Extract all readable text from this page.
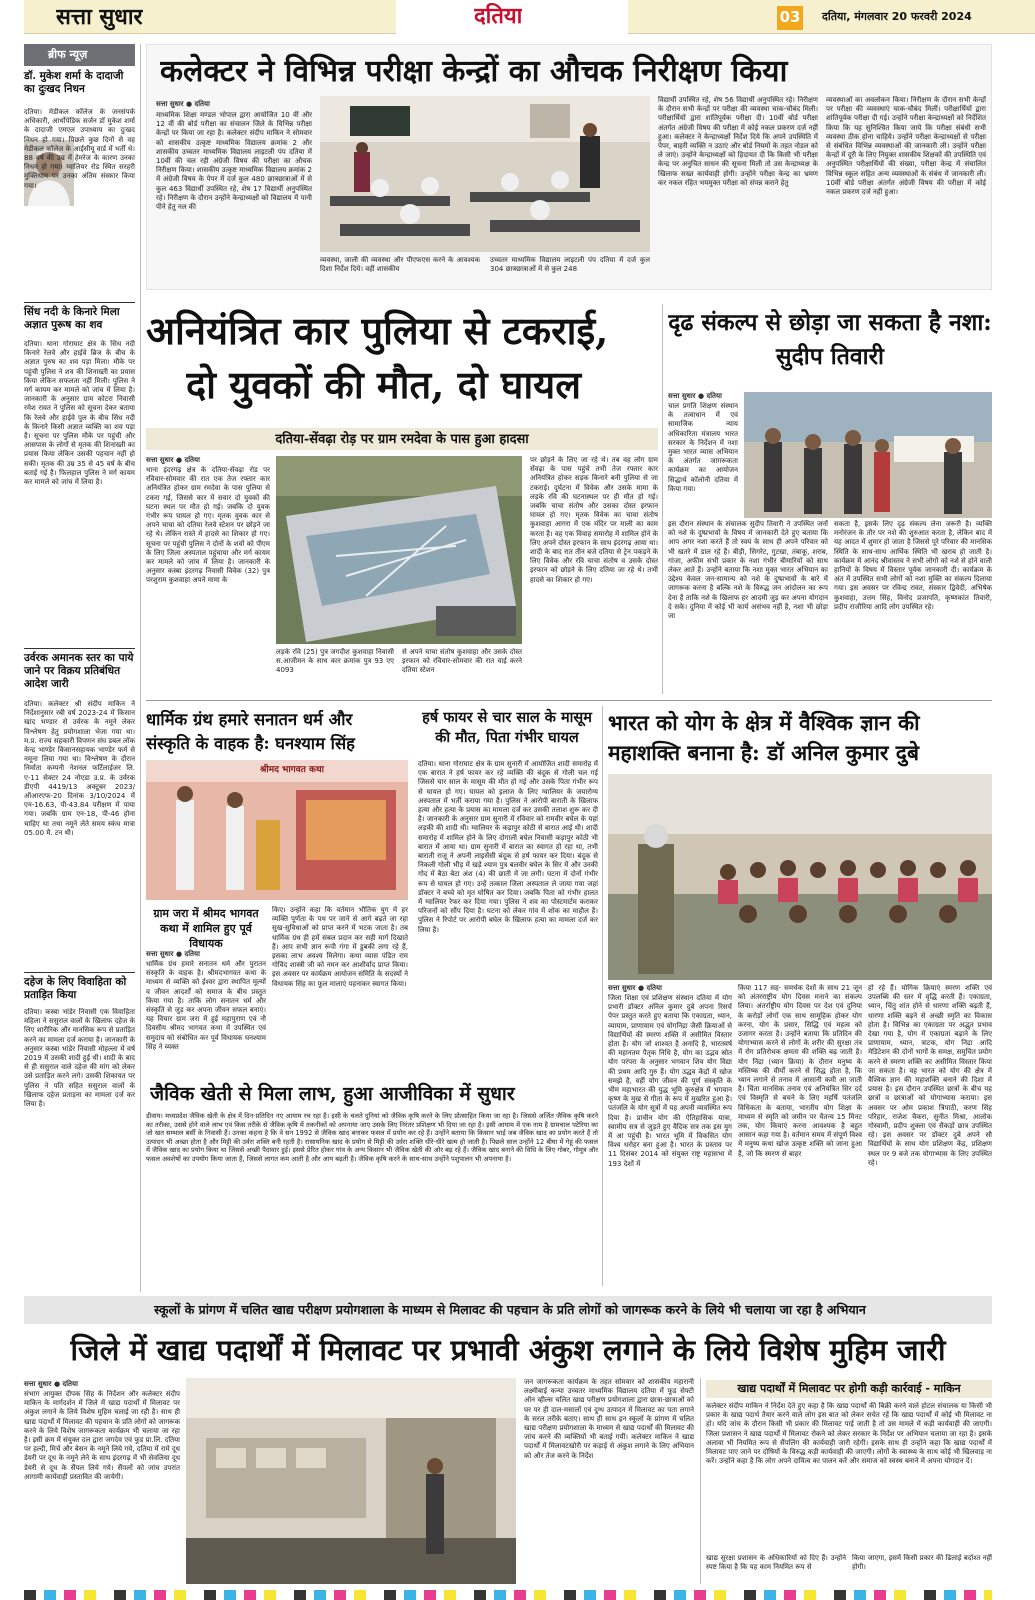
सत्ता सुधार	दतिया	03 दतिया, मंगलवार 20 फरवरी 2024
ब्रीफ न्यूज़
डॉ. मुकेश शर्मा के दादाजी का दुःखद निधन
दतिया। मेडीकल कॉलेज के जनसंपर्क अधिकारी, आर्थोपेडिक सर्जन डॉ मुकेश शर्मा के दादाजी एमएल उपाध्याय का दुःखद निधन हो गया। पिछले कुछ दिनों से वह मेडीकल कॉलेज के आईसीयू वार्ड में भर्ती थे। 88 वर्ष की उम्र में हेमरेज के कारण उनका निधन हो गया। ग्वालियर रोड स्थित सरहरी मुक्तिधाम पर उनका अंतिम संस्कार किया गया।
सिंध नदी के किनारे मिला अज्ञात पुरूष का शव
दतिया। थाना गोराघाट क्षेत्र के सिंध नदी किनारे रेलवे और हाईवे ब्रिज के बीच के अज्ञात पुरुष का शव पड़ा मिला। मौके पर पहुंची पुलिस ने शव की शिनाख्ती का प्रयास किया लेकिन सफलता नहीं मिली। पुलिस ने मर्ग कायम कर मामले को जांच में लिया है। जानकारी के अनुसार ग्राम कोटरा निवासी रमेश रावत ने पुलिस को सूचना देकर बताया कि रेलवे और हाईवे पुल के बीच सिंध नदी के किनारे किसी अज्ञात व्यक्ति का शव पड़ा है। सूचना पर पुलिस मौके पर पहुंची और आसपास के लोगों से मृतक की शिनाख्ती का प्रयास किया लेकिन उसकी पहचान नहीं हो सकी। मृतक की उम्र 35 से 45 वर्ष के बीच बताई गई है। फिलहाल पुलिस ने मर्ग कायम कर मामले को जांच में लिया है।
उर्वरक अमानक स्तर का पाये जाने पर विक्रय प्रतिबंधित आदेश जारी
दतिया। कलेक्टर श्री संदीप माकिन ने निर्देशानुसार रबी वर्ष 2023-24 में किसान खाद भण्डार से उर्वरक के नमूने लेकर विश्लेषण हेतु प्रयोगशाला भेजा गया था। म.प्र. राज्य सहकारी विपणन संघ डबल लॉक केन्द्र भाण्डेर किसानसहायक भाण्डेर फर्म से नमूना लिया गया था। विश्लेषण के दौरान निर्माता कम्पनी नेशनल फर्टिलाईजर लि. ए-11 सेक्टर 24 नोएडा उ.प्र. के उर्वरक डीएपी 4419/13 अक्टूबर 2023/ऑआरएफ-20 दिनांक 3/10/2024 में एन-16.63, पी-43.84 परीक्षण में पाया गया। जबकि ग्राम एन-18, पी-46 होना चाहिए था तथा नमूने लेते समय स्कंध मात्रा 05.00 मै. टन थी।
दहेज के लिए विवाहिता को प्रताड़ित किया
दतिया। कस्बा भांडेर निवासी एक विवाहिता महिला ने ससुराल वालों के खिलाफ दहेज के लिए शारीरिक और मानसिक रूप से प्रताड़ित करने का मामला दर्ज कराया है। जानकारी के अनुसार कस्बा भांडेर निवासी मोहल्ला में वर्ष 2019 में उसकी शादी हुई थी। शादी के बाद से ही ससुराल वाले दहेज की मांग को लेकर उसे प्रताड़ित करने लगे। उसकी शिकायत पर पुलिस ने पति सहित ससुराल वालों के खिलाफ दहेज प्रताड़ना का मामला दर्ज कर लिया है।
कलेक्टर ने विभिन्न परीक्षा केन्द्रों का औचक निरीक्षण किया
सत्ता सुधार ● दतिया
माध्यमिक शिक्षा मण्डल भोपाल द्वारा आयोजित 10 वीं और 12 वीं की बोर्ड परीक्षा का संचालन जिले के विभिन्न परीक्षा केन्द्रों पर किया जा रहा है। कलेक्टर संदीप माकिन ने सोमवार को शासकीय उत्कृष्ट माध्यमिक विद्यालय क्रमांक 2 और शासकीय उच्चतर माध्यमिक विद्यालय लाइटली पंप दतिया में 10वीं की चल रही अंग्रेजी विषय की परीक्षा का औचक निरीक्षण किया। शासकीय उत्कृष्ट माध्यमिक विद्यालय क्रमांक 2 में अंग्रेजी विषय के पेपर में दर्ज कुल 480 छात्रछात्राओं में से कुल 463 विद्यार्थी उपस्थित रहे, शेष 17 विद्यार्थी अनुपस्थित रहे। निरीक्षण के दौरान उन्होंने केन्द्राध्यक्षों को विद्यालय में पानी पीने हेतु नल की
व्यवस्था, जाली की व्यवस्था और पीएफएस करने के आवश्यक दिशा निर्देश दिये। वहीं शासकीय
उच्चतर माध्यमिक विद्यालय लाइटली पंप दतिया में दर्ज कुल 304 छात्रछात्राओं में से कुल 248
विद्यार्थी उपस्थित रहे, शेष 56 विद्यार्थी अनुपस्थित रहे। निरीक्षण के दौरान सभी केन्द्रों पर परीक्षा की व्यवस्था चाक-चौबंद मिली। परीक्षार्थियों द्वारा शांतिपूर्वक परीक्षा दी। 10वीं बोर्ड परीक्षा अंतर्गत अंग्रेजी विषय की परीक्षा में कोई नकल प्रकरण दर्ज नहीं हुआ। कलेक्टर ने केन्द्राध्यक्षों निर्देश दिये कि अपने उपस्थिति में पेपर, बाहरी व्यक्ति न उठाएं और बोर्ड नियमों के तहत नोडल को ले जाएं। उन्होंने केन्द्राध्यक्षों को हिदायत दी कि किसी भी परीक्षा केन्द्र पर अनुचित साधन की सूचना मिली तो उस केन्द्राध्यक्ष के खिलाफ सख्त कार्यवाही होगी। उन्होंने परीक्षा केन्द्र का भ्रमण कर नकल रहित भयमुक्त परीक्षा को संपन्न कराने हेतु
व्यवस्थाओं का अवलोकन किया। निरीक्षण के दौरान सभी केन्द्रों पर परीक्षा की व्यवस्थाएं चाक-चौबंद मिलीं। परीक्षार्थियों द्वारा शांतिपूर्वक परीक्षा दी गई। उन्होंने परीक्षा केन्द्राध्यक्षों को निर्देशित किया कि यह सुनिश्चित किया जाये कि परीक्षा संबंधी सभी व्यवस्था ठीक होना चाहिये। उन्होंने परीक्षा केन्द्राध्यक्षों से परीक्षा से संबंधित विभिन्न व्यवस्थाओं की जानकारी ली। उन्होंने परीक्षा केन्द्रों में दूरी के लिए नियुक्त शासकीय शिक्षकों की उपस्थिति एवं अनुपस्थित परीक्षार्थियों की संख्या, परीक्षा केन्द्र में संचालित विभिन्न स्कूल सहित अन्य व्यवस्थाओं के संबंध में जानकारी ली। 10वीं बोर्ड परीक्षा अंतर्गत अंग्रेजी विषय की परीक्षा में कोई नकल प्रकरण दर्ज नहीं हुआ।
अनियंत्रित कार पुलिया से टकराई,
दो युवकों की मौत, दो घायल
दतिया-सेंवढ़ा रोड़ पर ग्राम रमदेवा के पास हुआ हादसा
सत्ता सुधार ● दतिया
थाना इंदरगढ़ क्षेत्र के दतिया-सेंवढ़ा रोड पर रविवार-सोमवार की रात एक तेज रफ्तार कार अनियंत्रित होकर ग्राम रमदेवा के पास पुलिया से टकरा गई, जिससे कार में सवार दो युवकों की घटना स्थल पर मौत हो गई। जबकि दो युवक गंभीर रूप घायल हो गए। मृतक युवक कार से अपने चाचा को दतिया रेलवे स्टेशन पर छोड़ने जा रहे थे। लेकिन रास्ते में हादसे का शिकार हो गए। सूचना पर पहुंची पुलिस ने दोनों के शवों को पीएम के लिए जिला अस्पताल पहुंचाया और मर्ग कायम कर मामले को जांच में लिया है। जानकारी के अनुसार कस्बा इंदरगढ़ निवासी विवेक (32) पुत्र परशुराम कुशवाहा अपने मामा के
लड़के रवि (25) पुत्र जगदीश कुशवाहा निवासी स.आजीमन के साथ कार क्रमांक पुत्र 93 एए 4093
से अपने चाचा संतोष कुशवाहा और उसके दोस्त इरफान को रविवार-सोमवार की रात वाई करने दतिया स्टेशन
पर छोड़ने के लिए जा रहे थे। तब वह लोग ग्राम सेंवढ़ा के पास पहुंचे तभी तेज रफ्तार कार अनियंत्रित होकर सड़क किनारे बनी पुलिया से जा टकराई। दुर्घटना में विवेक और उसके मामा के लड़के रवि की घटनास्थल पर ही मौत हो गई। जबकि चाचा संतोष और उसका दोस्त इरफान घायल हो गए। मृतक विवेक का चाचा संतोष कुशवाहा आगरा में एक मंदिर पर माली का काम करता है। वह एक विवाह समारोह में शामिल होने के लिए अपने दोस्त इरफान के साथ इंदरगढ़ आया था। शादी के बाद रात तीन बजे दतिया से ट्रेन पकड़ने के लिए विवेक और रवि चाचा संतोष व उसके दोस्त इरफान को छोड़ने के लिए दतिया जा रहे थे। तभी हादसे का शिकार हो गए।
दृढ संकल्प से छोड़ा जा सकता है नशा: सुदीप तिवारी
सत्ता सुधार ● दतिया
चाल प्रगति शिक्षण संस्थान के तत्वाधान में एवं सामाजिक न्याय अधिकारिता मंत्रालय भारत सरकार के निर्देशन में नशा मुक्त भारत व्यास अभियान के अंतर्गत जागरूकता कार्यक्रम का आयोजन सिद्धार्थ कॉलोनी दतिया में किया गया।
इस दौरान संस्थान के संचालक सुदीप तिवारी ने उपस्थित जनों को नशे के दुष्प्रभावों के विषय में जानकारी देते हुए बताया कि आप अगर नशा करते हैं तो स्वयं के साथ ही अपने परिवार को भी खतरे में डाल रहे हैं। बीड़ी, सिगरेट, गुटखा, तंबाकू, शराब, गांजा, अफीम सभी प्रकार के नशा गंभीर बीमारियों को साथ लेकर आते हैं। उन्होंने बताया कि नशा मुक्त भारत अभियान का उद्देश्य केवल जन-सामान्य को नशे के दुष्प्रभावों के बारे में जागरूक करना है बल्कि नशे के विरुद्ध जन आंदोलन का रूप देना है ताकि नशे के खिलाफ हर आदमी जुड़ कर अपना योगदान दे सके। दुनिया में कोई भी कार्य असंभव नहीं है, नशा भी छोड़ा जा
सकता है, इसके लिए दृढ़ संकल्प लेना जरूरी है। व्यक्ति मनोरंजन के तौर पर नशे की शुरुआत करता है, लेकिन बाद में यह आदत में शुमार हो जाता है जिससे पूरे परिवार की मानसिक स्थिति के साथ-साथ आर्थिक स्थिति भी खराब हो जाती है। कार्यक्रम में आनंद श्रीवास्तव ने सभी लोगों को नशे से होने वाली हानियों के विषय में विस्तार पूर्वक जानकारी दी। कार्यक्रम के अंत में उपस्थित सभी लोगों को नशा मुक्ति का संकल्प दिलाया गया। इस अवसर पर रविन्द्र रावत, संस्कार द्विवेदी, अभिषेक कुशवाहा, उत्तम सिंह, विनोद प्रजापति, कृष्णकांत तिवारी, प्रदीप राजौरिया आदि लोग उपस्थित रहे।
धार्मिक ग्रंथ हमारे सनातन धर्म और संस्कृति के वाहक है: घनश्याम सिंह
श्रीमद भागवत कथा
ग्राम जरा में श्रीमद भागवत कथा में शामिल हुए पूर्व विधायक
सत्ता सुधार ● दतिया
धार्मिक ग्रंथ हमारे सनातन धर्म और पुरातन संस्कृति के वाहक है। श्रीमदभागवत कथा के माध्यम से व्यक्ति को ईश्वर द्वारा स्थापित मूल्यों व जीवन आदर्शों को समाज के बीच प्रस्तुत किया गया है। ताकि लोग सनातन धर्म और संस्कृति से जुड़ कर अपना जीवन सफल बनाएं। यह विचार ग्राम जरा में हुई महापुराण एवं नौ दिवसीय श्रीमद भागवत कथा में उपस्थित एवं समुदाय को संबोधित कर पूर्व विधायक घनश्याम सिंह ने व्यक्त
किए। उन्होंने कहा कि वर्तमान भौतिक युग में हर व्यक्ति पूर्णता के पथ पर जाने से आगे बढ़ते जा रहा सुख-सुविधाओं को प्राप्त करने में भटक जाता है। तब धार्मिक ग्रंथ ही हमें संबल प्रदान कर सही मार्ग दिखाते हैं। आप सभी ज्ञान रूपी गंगा में डुबकी लगा रहे हैं, इसका लाभ अवश्य मिलेगा। कथा व्यास पंडित राम गोविंद शास्त्री जी को नमन कर आशीर्वाद प्राप्त किया। इस अवसर पर कार्यक्रम आयोजन समिति के सदस्यों ने विधायक सिंह का फूल मालाएं पहनाकर स्वागत किया।
हर्ष फायर से चार साल के मासूम की मौत, पिता गंभीर घायल
दतिया। थाना गोराघाट क्षेत्र के ग्राम सुनारी में आयोजित शादी समारोह में एक बारात ने हर्ष फायर कर रहे व्यक्ति की बंदूक से गोली चल गई जिससे चार साल के मासूम की मौत हो गई और उसके पिता गंभीर रूप से घायल हो गए। घायल को इलाज के लिए ग्वालियर के जयारोग्य अस्पताल में भर्ती कराया गया है। पुलिस ने आरोपी बाराती के खिलाफ हत्या और हत्या के प्रयास का मामला दर्ज कर उसकी तलाश शुरू कर दी है। जानकारी के अनुसार ग्राम सुनारी में रविवार को रामवीर बघेल के यहां लड़की की शादी थी। ग्वालियर के कड़ापुर कोठी से बारात आई थी। शादी समारोह में शामिल होने के लिए दोगाली बघेल निवासी कड़ापुर कोठी भी बारात में आया था। ग्राम सुनारी में बारात का स्वागत हो रहा था, तभी बाराती राजू ने अपनी लाइसेंसी बंदूक से हर्ष फायर कर दिया। बंदूक से निकली गोली भीड़ में खड़े श्याम पुत्र बलवीर बघेल के सिर में और उनकी गोद में बैठा बेटा अंश (4) की छाती में जा लगी। घटना में दोनों गंभीर रूप से घायल हो गए। उन्हें तत्काल जिला अस्पताल ले जाया गया जहां डॉक्टर ने बच्चे को मृत घोषित कर दिया। जबकि पिता को गंभीर हालत में ग्वालियर रेफर कर दिया गया। पुलिस ने शव का पोस्टमार्टम कराकर परिजनों को सौंप दिया है। घटना को लेकर गांव में शोक का माहौल है। पुलिस ने रिपोर्ट पर आरोपी बघेल के खिलाफ हत्या का मामला दर्ज कर लिया है।
जैविक खेती से मिला लाभ, हुआ आजीविका में सुधार
डीवाय। मध्यप्रदेश जैविक खेती के क्षेत्र में दिन-प्रतिदिन नए आयाम रच रहा है। इसी के चलते दुनियां को जैविक कृषि करने के लिए प्रोत्साहित किया जा रहा है। जिससे अर्जित जैविक कृषि करने का तरीका, उससे होने वाले लाभ एवं किस तरीके से जैविक कृषि में तकनीकों को अपनाया जाए उसके लिए निरंतर प्रशिक्षण भी दिया जा रहा है। इसी आयाम में एक नाम है ग्रामचाल पटेरिया का जो खत सम्भाल बर्सी के निवासी हैं। उनका कहना है कि वे सन 1992 से जैविक खाद बनाकर फसल में प्रयोग कर रहे हैं। उन्होंने बताया कि किसान भाई जब जैविक खाद का प्रयोग करते हैं तो उत्पादन भी अच्छा होता है और मिट्टी की उर्वरा शक्ति बनी रहती है। रासायनिक खाद के प्रयोग से मिट्टी की उर्वरा शक्ति धीरे-धीरे खत्म हो जाती है। पिछले साल उन्होंने 12 बीघा में गेहूं की फसल में जैविक खाद का प्रयोग किया था जिससे अच्छी पैदावार हुई। इससे प्रेरित होकर गांव के अन्य किसान भी जैविक खेती की ओर बढ़ रहे हैं। जैविक खाद बनाने की विधि के लिए गोबर, गोमूत्र और फसल अवशेषों का उपयोग किया जाता है, जिससे लागत कम आती है और आय बढ़ती है। जैविक कृषि करने के साथ-साथ उन्होंने पशुपालन भी अपनाया है।
भारत को योग के क्षेत्र में वैश्विक ज्ञान की महाशक्ति बनाना है: डॉ अनिल कुमार दुबे
सत्ता सुधार ● दतिया
जिला शिक्षा एवं प्रशिक्षण संस्थान दतिया में योग प्रभारी डॉक्टर अनिल कुमार दुबे अपना रिसर्च पेपर प्रस्तुत करते हुए बताया कि एकाग्रता, ध्यान, व्यायाम, प्राणायाम एवं योगनिद्रा जैसी क्रियाओं से विद्यार्थियों की स्मरण शक्ति में असीमित विस्तार होता है। योग जो शाश्वत है अनादि है, भारतवर्ष की महानतम पैतृक निधि है, योग का उद्भव स्रोत योग परंपरा के अनुसार भगवान शिव योग विद्या की प्रथम आदि गुरु हैं। योग उद्धव केंद्रों में खोज समझे है, वहीं योग जीवन की पूर्ण संस्कृति के भीम महाभारत की युद्ध भूमि कुरुक्षेत्र में भगवान कृष्ण के मुख से गीता के रूप में मुखरित हुआ है। पतंजलि के योग सूत्रों में यह अपनी व्यवस्थित रूप दिया है। प्राचीन योग की ऐतिहासिक यात्रा, स्वामीय सत्र से जुड़ते हुए वैदिक सत्र तक इस युग में आ पहुंची है। भारत भूमि में विकसित योग विश्व धरोहर बना हुआ है। भारत के प्रस्ताव पर 11 दिसंबर 2014 को संयुक्त राष्ट्र महासभा में 193 देशों में
किया 117 सह- समर्थक देशों के साथ 21 जून को अंतरराष्ट्रीय योग दिवस मनाने का संकल्प लिया। अंतर्राष्ट्रीय योग दिवस पर देश एवं दुनिया के करोड़ों लोगों एक साथ सामूहिक होकर योग करना, योग के प्रसार, सिद्धि एवं महत्व को उजागर करता है। उन्होंने बताया कि प्रतिदिन की योगाभ्यास करने से लोगों के शरीर की सुरक्षा तंत्र में रोग प्रतिरोधक क्षमता की शक्ति बढ़ जाती है। योग निद्रा (ध्यान क्रिया) के दौरान मनुष्य के मस्तिष्क की वीर्यों करने से सिद्ध होता है, कि ध्यान लगाने से तनाव में आसानी कमी आ जाती है। चिंता मानसिक तनाव एवं अनियंत्रित सिर दर्द एवं विस्मृति से बचने के लिए महर्षि पतंजलि विधिकता के बताया, भारतीय योग शिक्षा के माध्यम से स्मृति को जमीन पर चैतन्य 15 मिनट तक, योग कियाएं करना आवश्यक है बहुत आसान कहा गया है। वर्तमान समय में संपूर्ण विश्व में मनुष्य कथा खोज उत्कृष्ट शक्ति को जाना हुआ है, जो कि स्मरण से बाहर
हो रहे हैं। योगिक क्रियाएं स्मरण शक्ति एवं उपलब्धि की स्तर में वृद्धि करती हैं। एकाग्रता, ध्यान, चिंतु शांत होने से धारणा शक्ति बढ़ती हैं, धारणा शक्ति बढ़ने से अच्छी स्मृति का विकास होता है। विभिन्न का एकाग्रता पर अद्भुत प्रभाव देखा गया है, योग में एकाग्रता बढ़ाने के लिए प्राणायाम, ध्यान, त्राटक, योग निद्रा आदि मेडिटेशन की दोनों भागों के समक्ष, समुचित प्रयोग करने से स्मरण शक्ति का असीमित विस्तार किया जा सकता है। वह भारत को योग की क्षेत्र में वैश्विक ज्ञान की महाशक्ति बनाने की दिशा में प्रयास है। इस दौरान उपस्थित छात्रों के बीच यह छात्रों व छात्राओं को योगाभ्यास कराया। इस अवसर पर ओम प्रकाश त्रिपाठी, करण सिंह परिहार, राजेश चैकरा, सुनीत मिश्रा, आलोक गोस्वामी, प्रदीप शुक्ला एवं सैकड़ों छात्र उपस्थित रहे। इस अवसर पर डॉक्टर दुबे अपने सौ विद्यार्थियों के साथ योग प्रशिक्षण केंद्र, प्रशिक्षण स्थल पर 9 बजे तक योगाभ्यास के लिए उपस्थित रहे।
स्कूलों के प्रांगण में चलित खाद्य परीक्षण प्रयोगशाला के माध्यम से मिलावट की पहचान के प्रति लोगों को जागरूक करने के लिये भी चलाया जा रहा है अभियान
जिले में खाद्य पदार्थों में मिलावट पर प्रभावी अंकुश लगाने के लिये विशेष मुहिम जारी
सत्ता सुधार ● दतिया
संभाग आयुक्त दीपक सिंह के निर्देशन और कलेक्टर संदीप माकिन के मार्गदर्शन में जिले में खाद्य पदार्थों में मिलावट पर अंकुश लगाने के लिये विशेष मुहिम चलाई जा रही है। साथ ही खाद्य पदार्थों में मिलावट की पहचान के प्रति लोगों को जागरूक करने के लिये विशेष जागरूकता कार्यक्रम भी चलाया जा रहा है। इसी क्रम में संयुक्त दल द्वारा जगदेव एवं फूड प्रा.लि. दतिया पर हल्दी, मिर्च और बेसन के नमूने लिये गये, दतिया में रामे दूध डेयरी पर दूध के नमूने लेने के साथ इंदरगढ़ में भी सेवलिया दूध डेयरी से दूध के सैंपल लिये गये। सैंपलों को जांच उपरांत आगामी कार्यवाही प्रस्तावित की जायेगी।
जन जागरूकता कार्यक्रम के तहत सोमवार को शासकीय महारानी लक्ष्मीबाई कन्या उच्चतर माध्यमिक विद्यालय दतिया में फूड सेफ्टी ऑन व्हील्स चलित खाद्य परीक्षण प्रयोगशाला द्वारा छात्रा-छात्राओं को घर पर ही दाल-मसालों एवं दुग्ध उत्पादन में मिलावट का पता लगाने के सरल तरीके बताए। साथ ही साथ इन स्कूलों के प्रांगण में चलित खाद्य परीक्षण प्रयोगशाला के माध्यम से खाद्य पदार्थों की मिलावट की जांच करने की व्यक्तियों भी बताई गयीं। कलेक्टर माकिन ने खाद्य पदार्थों में मिलावटखोरी पर कड़ाई से अंकुश लगाने के लिए अभियान को और तेज करने के निर्देश
खाद्य पदार्थों में मिलावट पर होगी कड़ी कार्रवाई - माकिन
कलेक्टर संदीप माकिन ने निर्देश देते हुए कहा है कि खाद्य पदार्थों की बिक्री करने वाले होटल संचालक या किसी भी प्रकार के खाद्य पदार्थ तैयार करने वाले लोग इस बात को लेकर सचेत रहें कि खाद्य पदार्थों में कोई भी मिलावट ना हो। यदि जांच के दौरान किसी भी प्रकार की मिलावट पाई जाती है तो उस मामले में कड़ी कार्यवाही की जाएगी। जिला प्रशासन ने खाद्य पदार्थों में मिलावट रोकने को लेकर सरकार के निर्देश पर अभियान चलाया जा रहा है। इसके अलावा भी नियमित रूप से सैंपलिंग की कार्यवाही जारी रहेगी। इसके साथ ही उन्होंने कहा कि खाद्य पदार्थों में मिलावट पाए जाने पर दोषियों के विरुद्ध कड़ी कार्यवाही की जाएगी। लोगों के स्वास्थ्य के साथ कोई भी खिलवाड़ ना करें। उन्होंने कहा है कि लोग अपने दायित्व का पालन करें और समाज को स्वस्थ बनाने में अपना योगदान दें।
खाद्य सुरक्षा प्रशासन के अधिकारियों को दिए हैं। उन्होंने स्पष्ट किया है कि यह काम नियमित रूप से
किया जाएगा, इसमें किसी प्रकार की ढिलाई बर्दाश्त नहीं होगी।
